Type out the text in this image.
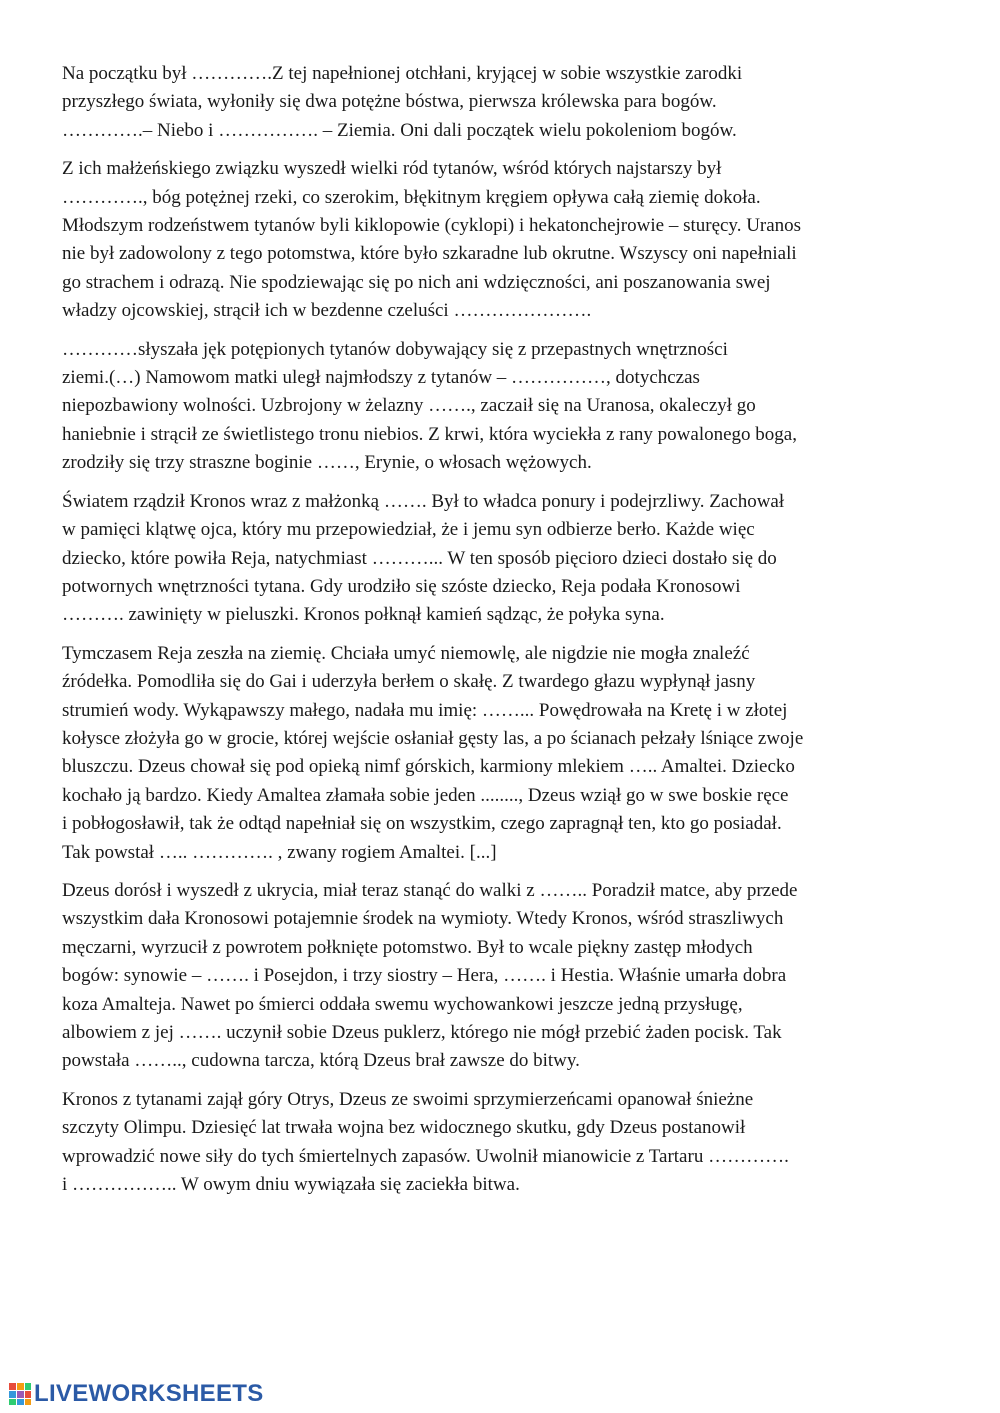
Na początku był ………….Z tej napełnionej otchłani, kryjącej w sobie wszystkie zarodki
przyszłego świata, wyłoniły się dwa potężne bóstwa, pierwsza królewska para bogów.
………….– Niebo i ……………. – Ziemia. Oni dali początek wielu pokoleniom bogów.

Z ich małżeńskiego związku wyszedł wielki ród tytanów, wśród których najstarszy był
…………., bóg potężnej rzeki, co szerokim, błękitnym kręgiem opływa całą ziemię dokoła.
Młodszym rodzeństwem tytanów byli kiklopowie (cyklopi) i hekatonchejrowie – sturęcy. Uranos
nie był zadowolony z tego potomstwa, które było szkaradne lub okrutne. Wszyscy oni napełniali
go strachem i odrazą. Nie spodziewając się po nich ani wdzięczności, ani poszanowania swej
władzy ojcowskiej, strącił ich w bezdenne czeluści ………………….

…………słyszała jęk potępionych tytanów dobywający się z przepastnych wnętrzności
ziemi.(…) Namowom matki uległ najmłodszy z tytanów – ……………, dotychczas
niepozbawiony wolności. Uzbrojony w żelazny ……., zaczaił się na Uranosa, okaleczył go
haniebnie i strącił ze świetlistego tronu niebios. Z krwi, która wyciekła z rany powalonego boga,
zrodziły się trzy straszne boginie ……, Erynie, o włosach wężowych.

Światem rządził Kronos wraz z małżonką ……. Był to władca ponury i podejrzliwy. Zachował
w pamięci klątwę ojca, który mu przepowiedział, że i jemu syn odbierze berło. Każde więc
dziecko, które powiła Reja, natychmiast ………... W ten sposób pięcioro dzieci dostało się do
potwornych wnętrzności tytana. Gdy urodziło się szóste dziecko, Reja podała Kronosowi
………. zawinięty w pieluszki. Kronos połknął kamień sądząc, że połyka syna.

Tymczasem Reja zeszła na ziemię. Chciała umyć niemowlę, ale nigdzie nie mogła znaleźć
źródełka. Pomodliła się do Gai i uderzyła berłem o skałę. Z twardego głazu wypłynął jasny
strumień wody. Wykąpawszy małego, nadała mu imię: ……... Powędrowała na Kretę i w złotej
kołysce złożyła go w grocie, której wejście osłaniał gęsty las, a po ścianach pełzały lśniące zwoje
bluszczu. Dzeus chował się pod opieką nimf górskich, karmiony mlekiem ….. Amaltei. Dziecko
kochało ją bardzo. Kiedy Amaltea złamała sobie jeden ........, Dzeus wziął go w swe boskie ręce
i pobłogosławił, tak że odtąd napełniał się on wszystkim, czego zapragnął ten, kto go posiadał.
Tak powstał ….. …………. , zwany rogiem Amaltei. [...]

Dzeus dorósł i wyszedł z ukrycia, miał teraz stanąć do walki z …….. Poradził matce, aby przede
wszystkim dała Kronosowi potajemnie środek na wymioty. Wtedy Kronos, wśród straszliwych
męczarni, wyrzucił z powrotem połknięte potomstwo. Był to wcale piękny zastęp młodych
bogów: synowie – ……. i Posejdon, i trzy siostry – Hera, ……. i Hestia. Właśnie umarła dobra
koza Amalteja. Nawet po śmierci oddała swemu wychowankowi jeszcze jedną przysługę,
albowiem z jej ……. uczynił sobie Dzeus puklerz, którego nie mógł przebić żaden pocisk. Tak
powstała …….., cudowna tarcza, którą Dzeus brał zawsze do bitwy.

Kronos z tytanami zajął góry Otrys, Dzeus ze swoimi sprzymierzeńcami opanował śnieżne
szczyty Olimpu. Dziesięć lat trwała wojna bez widocznego skutku, gdy Dzeus postanowił
wprowadzić nowe siły do tych śmiertelnych zapasów. Uwolnił mianowicie z Tartaru ………….
i …………….. W owym dniu wywiązała się zaciekła bitwa.

LIVEWORKSHEETS
